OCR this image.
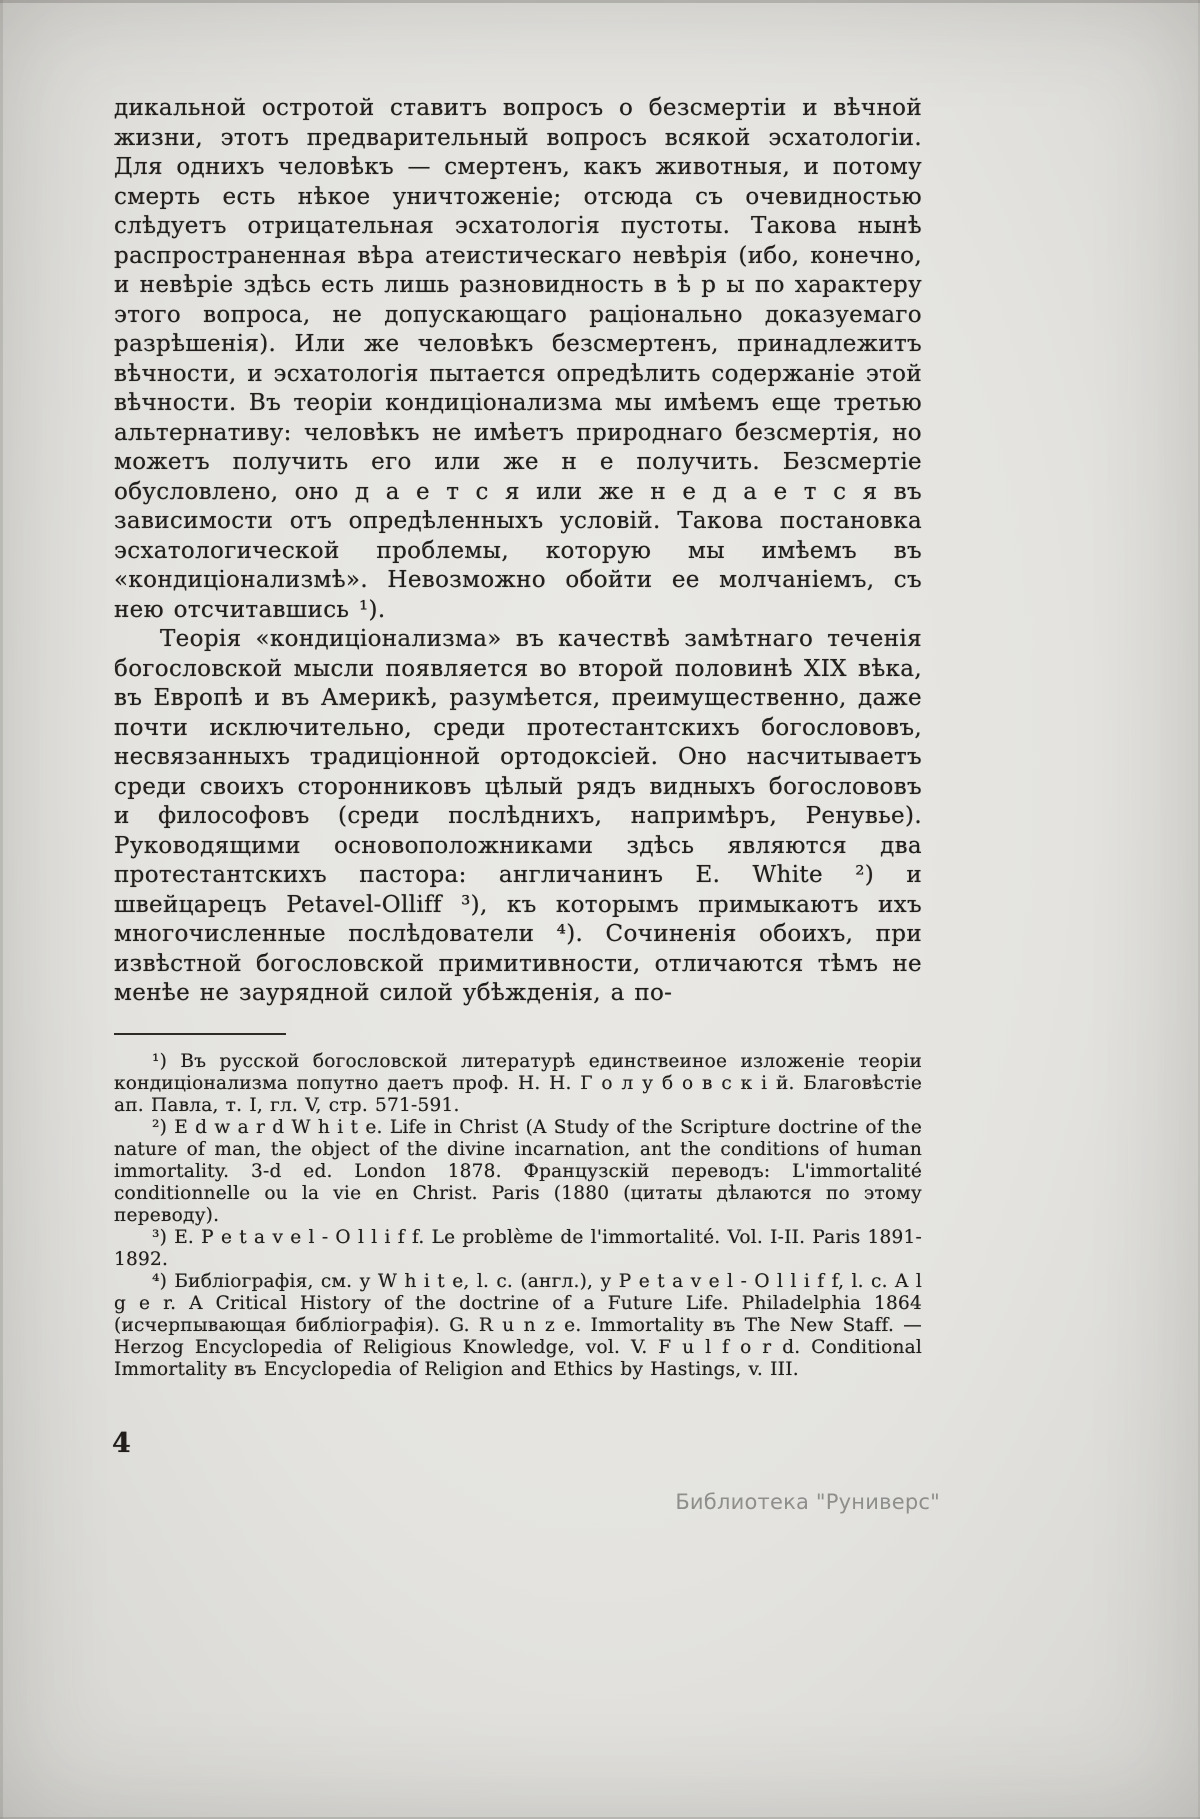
дикальной остротой ставитъ вопросъ о безсмертіи и вѣчной жизни, этотъ предварительный вопросъ всякой эсхатологіи. Для однихъ человѣкъ — смертенъ, какъ животныя, и потому смерть есть нѣкое уничтоженіе; отсюда съ очевидностью слѣдуетъ отрицательная эсхатологія пустоты. Такова нынѣ распространенная вѣра атеистическаго невѣрія (ибо, конечно, и невѣріе здѣсь есть лишь разновидность в ѣ р ы по характеру этого вопроса, не допускающаго раціонально доказуемаго разрѣшенія). Или же человѣкъ безсмертенъ, принадлежитъ вѣчности, и эсхатологія пытается опредѣлить содержаніе этой вѣчности. Въ теоріи кондиціонализма мы имѣемъ еще третью альтернативу: человѣкъ не имѣетъ природнаго безсмертія, но можетъ получить его или же н е получить. Безсмертіе обусловлено, оно д а е т с я или же н е д а е т с я въ зависимости отъ опредѣленныхъ условій. Такова постановка эсхатологической проблемы, которую мы имѣемъ въ «кондиціонализмѣ». Невозможно обойти ее молчаніемъ, съ нею отсчитавшись ¹).

Теорія «кондиціонализма» въ качествѣ замѣтнаго теченія богословской мысли появляется во второй половинѣ XIX вѣка, въ Европѣ и въ Америкѣ, разумѣется, преимущественно, даже почти исключительно, среди протестантскихъ богослововъ, несвязанныхъ традиціонной ортодоксіей. Оно насчитываетъ среди своихъ сторонниковъ цѣлый рядъ видныхъ богослововъ и философовъ (среди послѣднихъ, напримѣръ, Ренувье). Руководящими основоположниками здѣсь являются два протестантскихъ пастора: англичанинъ E. White ²) и швейцарецъ Petavel-Olliff ³), къ которымъ примыкаютъ ихъ многочисленные послѣдователи ⁴). Сочиненія обоихъ, при извѣстной богословской примитивности, отличаются тѣмъ не менѣе не заурядной силой убѣжденія, а по-

¹) Въ русской богословской литературѣ единствеиное изложеніе теоріи кондиціонализма попутно даетъ проф. Н. Н. Г о л у б о в с к і й. Благовѣстіе ап. Павла, т. I, гл. V, стр. 571-591.

²) E d w a r d W h i t e. Life in Christ (A Study of the Scripture doctrine of the nature of man, the object of the divine incarnation, ant the conditions of human immortality. 3-d ed. London 1878. Французскій переводъ: L'immortalité conditionnelle ou la vie en Christ. Paris (1880 (цитаты дѣлаются по этому переводу).

³) E. P e t a v e l - O l l i f f. Le problème de l'immortalité. Vol. I-II. Paris 1891-1892.

⁴) Библіографія, см. у W h i t e, l. c. (англ.), у P e t a v e l - O l l i f f, l. c. A l g e r. A Critical History of the doctrine of a Future Life. Philadelphia 1864 (исчерпывающая библіографія). G. R u n z e. Immortality въ The New Staff. — Herzog Encyclopedia of Religious Knowledge, vol. V. F u l f o r d. Conditional Immortality въ Encyclopedia of Religion and Ethics by Hastings, v. III.

4
Библиотека "Руниверс"
